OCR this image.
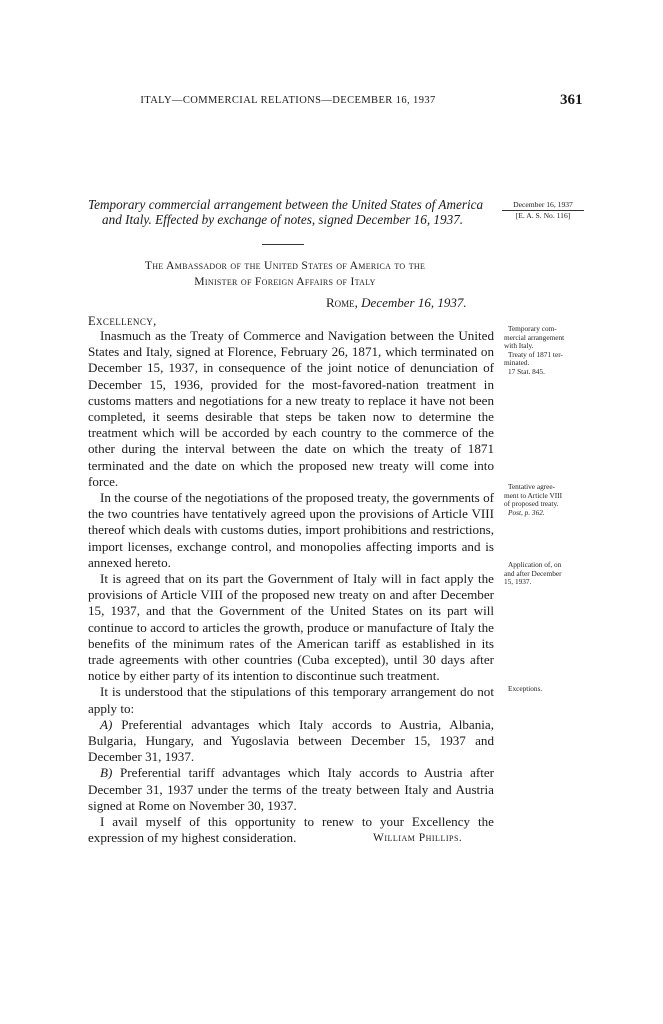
ITALY—COMMERCIAL RELATIONS—DECEMBER 16, 1937	361
Temporary commercial arrangement between the United States of America
and Italy. Effected by exchange of notes, signed December 16, 1937.
December 16, 1937
[E. A. S. No. 116]
The Ambassador of the United States of America to the
Minister of Foreign Affairs of Italy
Rome, December 16, 1937.
Excellency,

Inasmuch as the Treaty of Commerce and Navigation between the United States and Italy, signed at Florence, February 26, 1871, which terminated on December 15, 1937, in consequence of the joint notice of denunciation of December 15, 1936, provided for the most-favored-nation treatment in customs matters and negotiations for a new treaty to replace it have not been completed, it seems desirable that steps be taken now to determine the treatment which will be accorded by each country to the commerce of the other during the interval between the date on which the treaty of 1871 terminated and the date on which the proposed new treaty will come into force.

In the course of the negotiations of the proposed treaty, the governments of the two countries have tentatively agreed upon the provisions of Article VIII thereof which deals with customs duties, import prohibitions and restrictions, import licenses, exchange control, and monopolies affecting imports and is annexed hereto.

It is agreed that on its part the Government of Italy will in fact apply the provisions of Article VIII of the proposed new treaty on and after December 15, 1937, and that the Government of the United States on its part will continue to accord to articles the growth, produce or manufacture of Italy the benefits of the minimum rates of the American tariff as established in its trade agreements with other countries (Cuba excepted), until 30 days after notice by either party of its intention to discontinue such treatment.

It is understood that the stipulations of this temporary arrangement do not apply to:

A) Preferential advantages which Italy accords to Austria, Albania, Bulgaria, Hungary, and Yugoslavia between December 15, 1937 and December 31, 1937.

B) Preferential tariff advantages which Italy accords to Austria after December 31, 1937 under the terms of the treaty between Italy and Austria signed at Rome on November 30, 1937.

I avail myself of this opportunity to renew to your Excellency the expression of my highest consideration.	William Phillips.
Temporary com-
mercial arrangement
with Italy.
Treaty of 1871 ter-
minated.
17 Stat. 845.
Tentative agree-
ment to Article VIII
of proposed treaty.
Post, p. 362.
Application of, on
and after December
15, 1937.
Exceptions.
